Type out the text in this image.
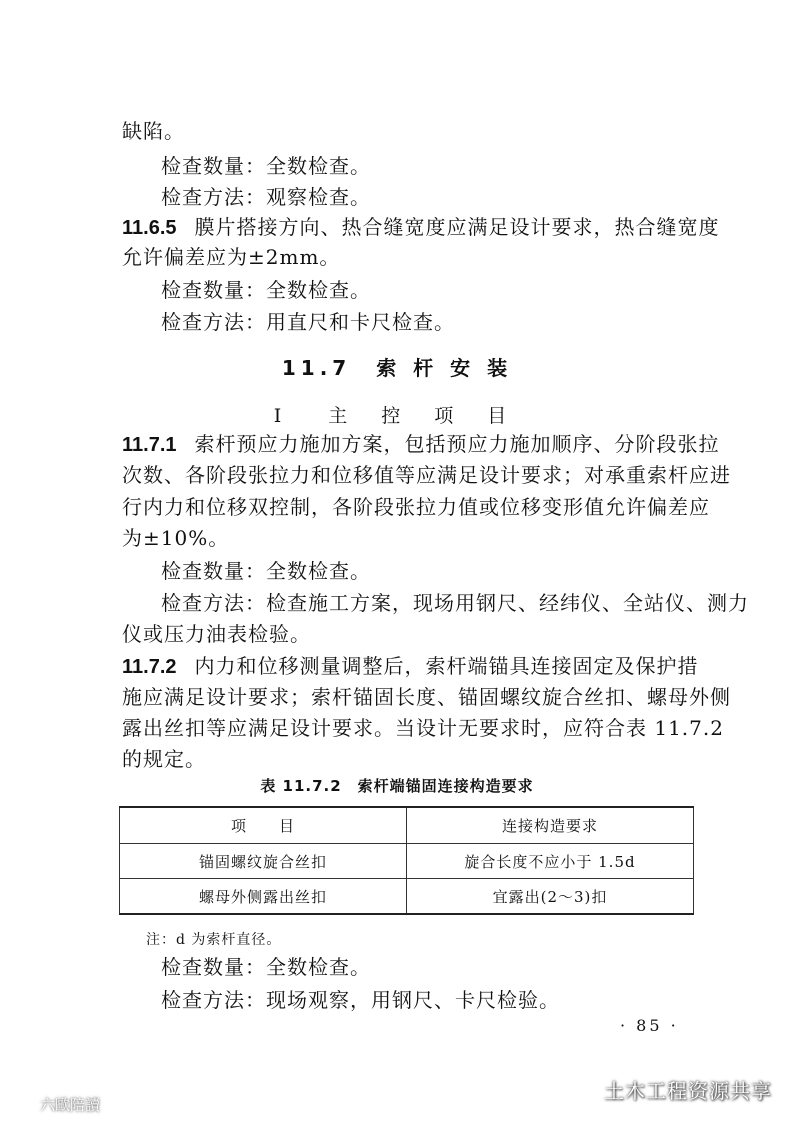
缺陷。
检查数量：全数检查。
检查方法：观察检查。
11.6.5 膜片搭接方向、热合缝宽度应满足设计要求，热合缝宽度
允许偏差应为±2mm。
检查数量：全数检查。
检查方法：用直尺和卡尺检查。
11.7　索 杆 安 装
Ⅰ　主 控 项 目
11.7.1 索杆预应力施加方案，包括预应力施加顺序、分阶段张拉
次数、各阶段张拉力和位移值等应满足设计要求；对承重索杆应进
行内力和位移双控制，各阶段张拉力值或位移变形值允许偏差应
为±10%。
检查数量：全数检查。
检查方法：检查施工方案，现场用钢尺、经纬仪、全站仪、测力
仪或压力油表检验。
11.7.2 内力和位移测量调整后，索杆端锚具连接固定及保护措
施应满足设计要求；索杆锚固长度、锚固螺纹旋合丝扣、螺母外侧
露出丝扣等应满足设计要求。当设计无要求时，应符合表 11.7.2
的规定。
表 11.7.2　索杆端锚固连接构造要求
项　　目	连接构造要求
锚固螺纹旋合丝扣	旋合长度不应小于 1.5d
螺母外侧露出丝扣	宜露出(2～3)扣
注：d 为索杆直径。
检查数量：全数检查。
检查方法：现场观察，用钢尺、卡尺检验。
· 85 ·
土木工程资源共享
六歐陪讀
